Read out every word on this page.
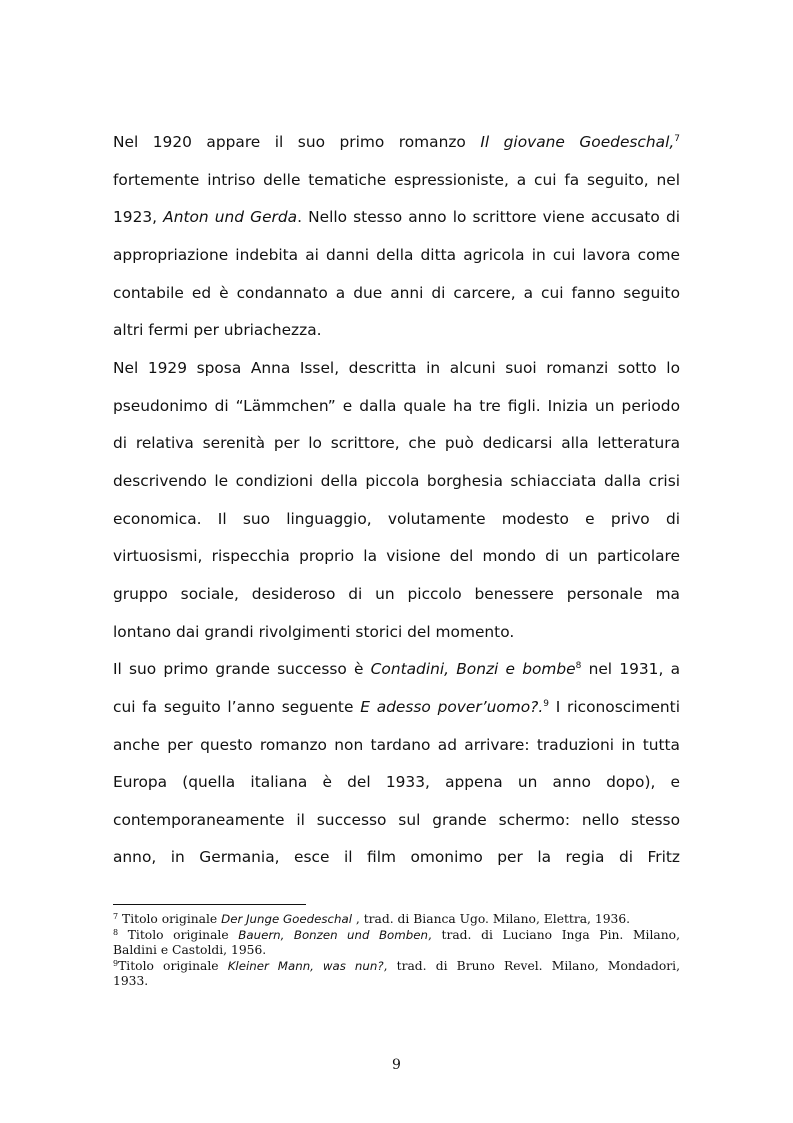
Nel 1920 appare il suo primo romanzo Il giovane Goedeschal,$^7$
fortemente intriso delle tematiche espressioniste, a cui fa seguito, nel
1923, Anton und Gerda. Nello stesso anno lo scrittore viene accusato di
appropriazione indebita ai danni della ditta agricola in cui lavora come
contabile ed è condannato a due anni di carcere, a cui fanno seguito
altri fermi per ubriachezza.
Nel 1929 sposa Anna Issel, descritta in alcuni suoi romanzi sotto lo
pseudonimo di “Lämmchen” e dalla quale ha tre figli. Inizia un periodo
di relativa serenità per lo scrittore, che può dedicarsi alla letteratura
descrivendo le condizioni della piccola borghesia schiacciata dalla crisi
economica. Il suo linguaggio, volutamente modesto e privo di
virtuosismi, rispecchia proprio la visione del mondo di un particolare
gruppo sociale, desideroso di un piccolo benessere personale ma
lontano dai grandi rivolgimenti storici del momento.
Il suo primo grande successo è Contadini, Bonzi e bombe$^8$ nel 1931, a
cui fa seguito l’anno seguente E adesso pover’uomo?.$^9$ I riconoscimenti
anche per questo romanzo non tardano ad arrivare: traduzioni in tutta
Europa (quella italiana è del 1933, appena un anno dopo), e
contemporaneamente il successo sul grande schermo: nello stesso
anno, in Germania, esce il film omonimo per la regia di Fritz
$^7$ Titolo originale Der Junge Goedeschal , trad. di Bianca Ugo. Milano, Elettra, 1936.
$^8$ Titolo originale Bauern, Bonzen und Bomben, trad. di Luciano Inga Pin. Milano,
Baldini e Castoldi, 1956.
$^9$Titolo originale Kleiner Mann, was nun?, trad. di Bruno Revel. Milano, Mondadori,
1933.
9
